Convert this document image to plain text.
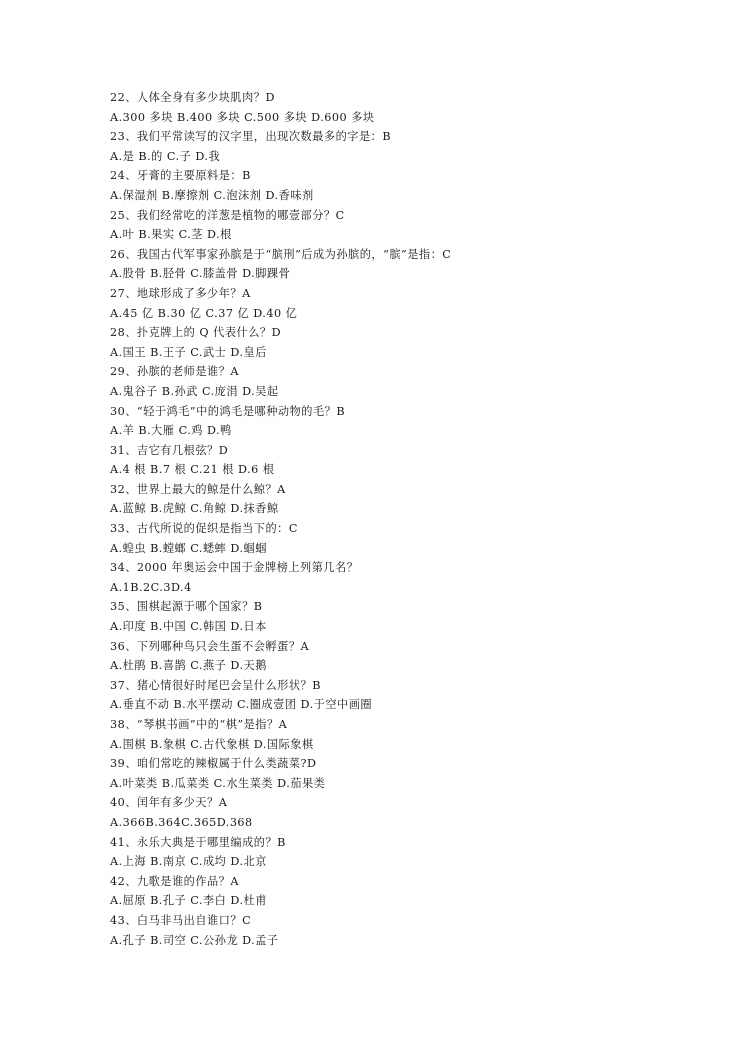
22、人体全身有多少块肌肉？D
A.300 多块 B.400 多块 C.500 多块 D.600 多块
23、我们平常读写的汉字里，出现次数最多的字是：B
A.是 B.的 C.子 D.我
24、牙膏的主要原料是：B
A.保湿剂 B.摩擦剂 C.泡沫剂 D.香味剂
25、我们经常吃的洋葱是植物的哪壹部分？C
A.叶 B.果实 C.茎 D.根
26、我国古代军事家孙膑是于“膑刑”后成为孙膑的，“膑”是指：C
A.股骨 B.胫骨 C.膝盖骨 D.脚踝骨
27、地球形成了多少年？A
A.45 亿 B.30 亿 C.37 亿 D.40 亿
28、扑克牌上的 Q 代表什么？D
A.国王 B.王子 C.武士 D.皇后
29、孙膑的老师是谁？A
A.鬼谷子 B.孙武 C.庞涓 D.吴起
30、“轻于鸿毛”中的鸿毛是哪种动物的毛？B
A.羊 B.大雁 C.鸡 D.鸭
31、吉它有几根弦？D
A.4 根 B.7 根 C.21 根 D.6 根
32、世界上最大的鲸是什么鲸？A
A.蓝鲸 B.虎鲸 C.角鲸 D.抹香鲸
33、古代所说的促织是指当下的：C
A.蝗虫 B.螳螂 C.蟋蟀 D.蝈蝈
34、2000 年奥运会中国于金牌榜上列第几名？
A.1B.2C.3D.4
35、围棋起源于哪个国家？B
A.印度 B.中国 C.韩国 D.日本
36、下列哪种鸟只会生蛋不会孵蛋？A
A.杜鹃 B.喜鹊 C.燕子 D.天鹅
37、猪心情很好时尾巴会呈什么形状？B
A.垂直不动 B.水平摆动 C.圈成壹团 D.于空中画圈
38、“琴棋书画”中的“棋”是指？A
A.围棋 B.象棋 C.古代象棋 D.国际象棋
39、咱们常吃的辣椒属于什么类蔬菜?D
A.叶菜类 B.瓜菜类 C.水生菜类 D.茄果类
40、闰年有多少天？A
A.366B.364C.365D.368
41、永乐大典是于哪里编成的？B
A.上海 B.南京 C.成均 D.北京
42、九歌是谁的作品？A
A.屈原 B.孔子 C.李白 D.杜甫
43、白马非马出自谁口？C
A.孔子 B.司空 C.公孙龙 D.孟子
